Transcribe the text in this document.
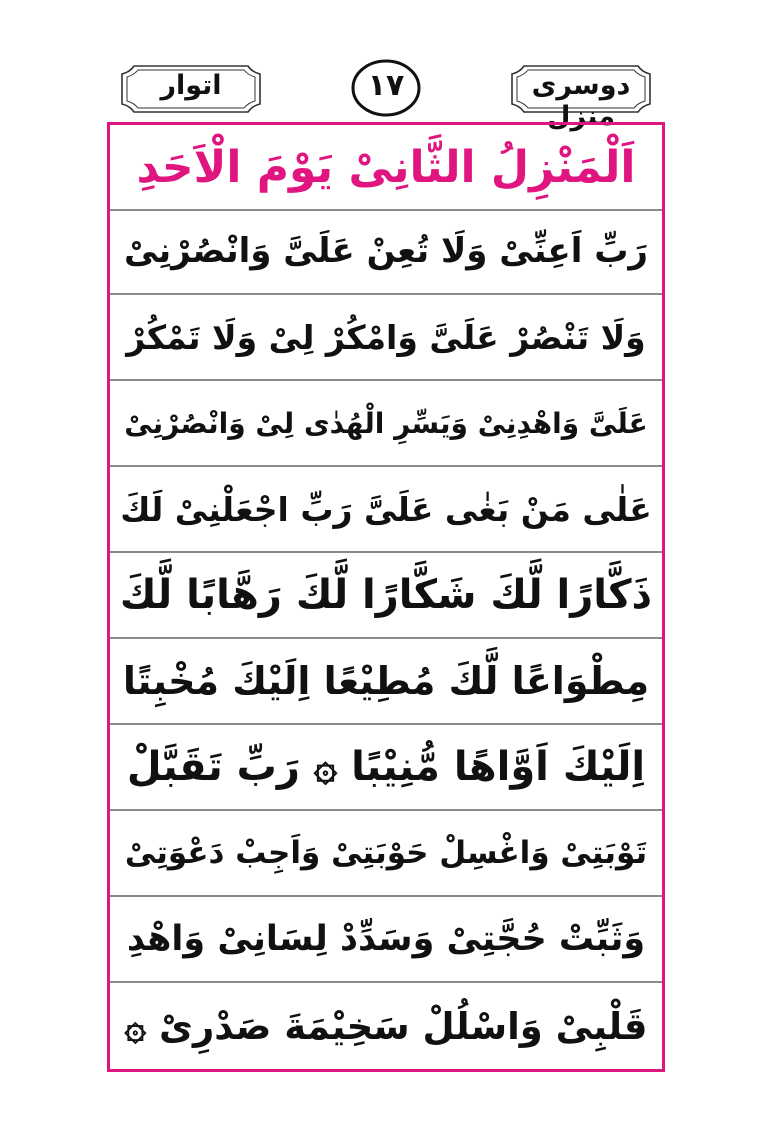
اتوار	١٧	دوسری منزل
اَلْمَنْزِلُ الثَّانِیْ یَوْمَ الْاَحَدِ
رَبِّ اَعِنِّیْ وَلَا تُعِنْ عَلَیَّ وَانْصُرْنِیْ
وَلَا تَنْصُرْ عَلَیَّ وَامْكُرْ لِیْ وَلَا تَمْكُرْ
عَلَیَّ وَاهْدِنِیْ وَیَسِّرِ الْهُدٰی لِیْ وَانْصُرْنِیْ
عَلٰی مَنْ بَغٰی عَلَیَّ رَبِّ اجْعَلْنِیْ لَكَ
ذَكَّارًا لَّكَ شَكَّارًا لَّكَ رَهَّابًا لَّكَ
مِطْوَاعًا لَّكَ مُطِیْعًا اِلَیْكَ مُخْبِتًا
اِلَیْكَ اَوَّاهًا مُّنِیْبًا ۞ رَبِّ تَقَبَّلْ
تَوْبَتِیْ وَاغْسِلْ حَوْبَتِیْ وَاَجِبْ دَعْوَتِیْ
وَثَبِّتْ حُجَّتِیْ وَسَدِّدْ لِسَانِیْ وَاهْدِ
قَلْبِیْ وَاسْلُلْ سَخِیْمَةَ صَدْرِیْ ۞
